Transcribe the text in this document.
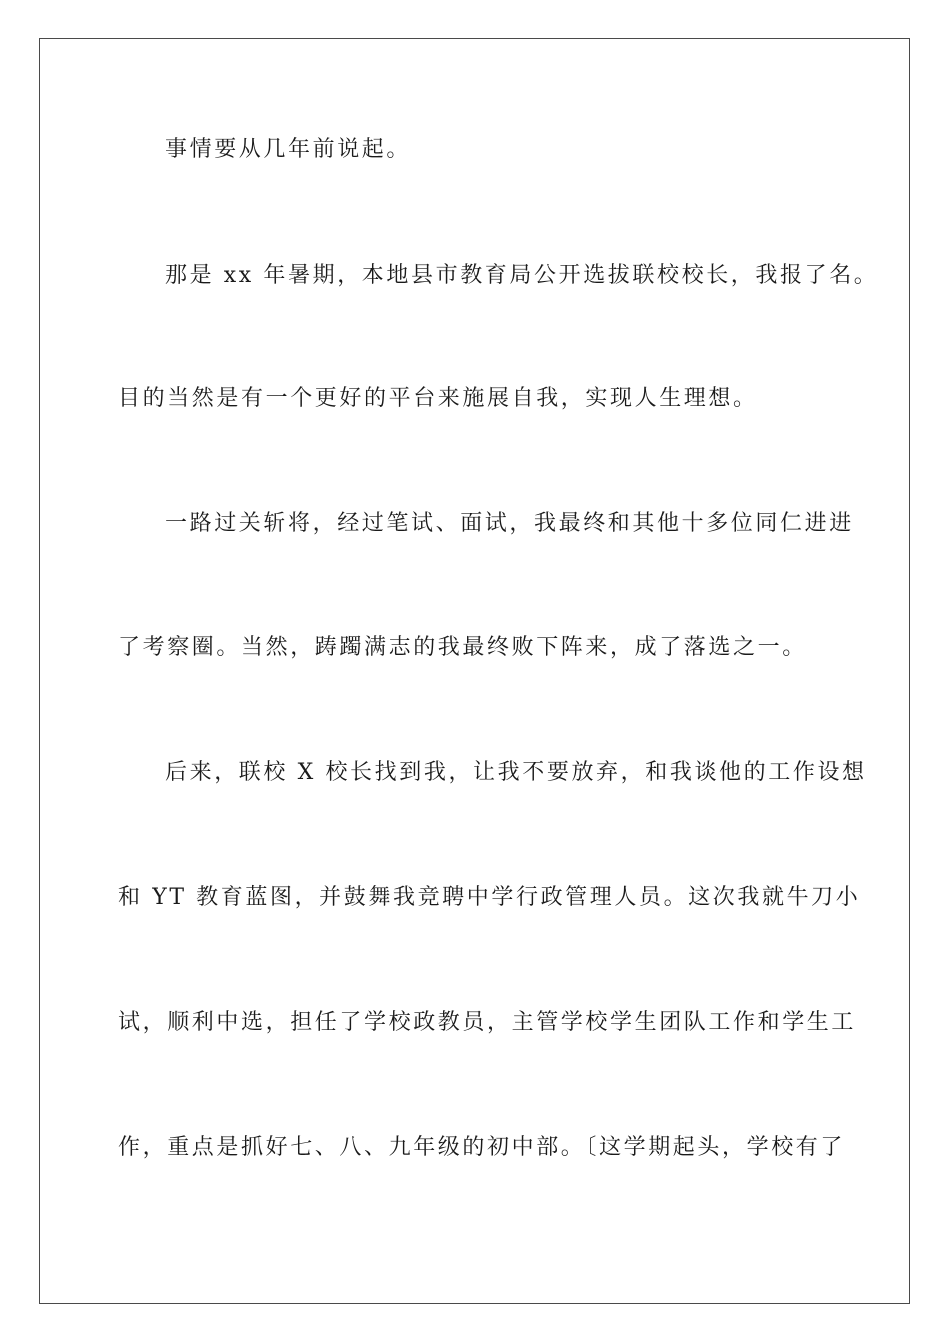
事情要从几年前说起。
那是 xx 年暑期，本地县市教育局公开选拔联校校长，我报了名。
目的当然是有一个更好的平台来施展自我，实现人生理想。
一路过关斩将，经过笔试、面试，我最终和其他十多位同仁进进
了考察圈。当然，踌躅满志的我最终败下阵来，成了落选之一。
后来，联校 X 校长找到我，让我不要放弃，和我谈他的工作设想
和 YT 教育蓝图，并鼓舞我竞聘中学行政管理人员。这次我就牛刀小
试，顺利中选，担任了学校政教员，主管学校学生团队工作和学生工
作，重点是抓好七、八、九年级的初中部。〔这学期起头，学校有了
